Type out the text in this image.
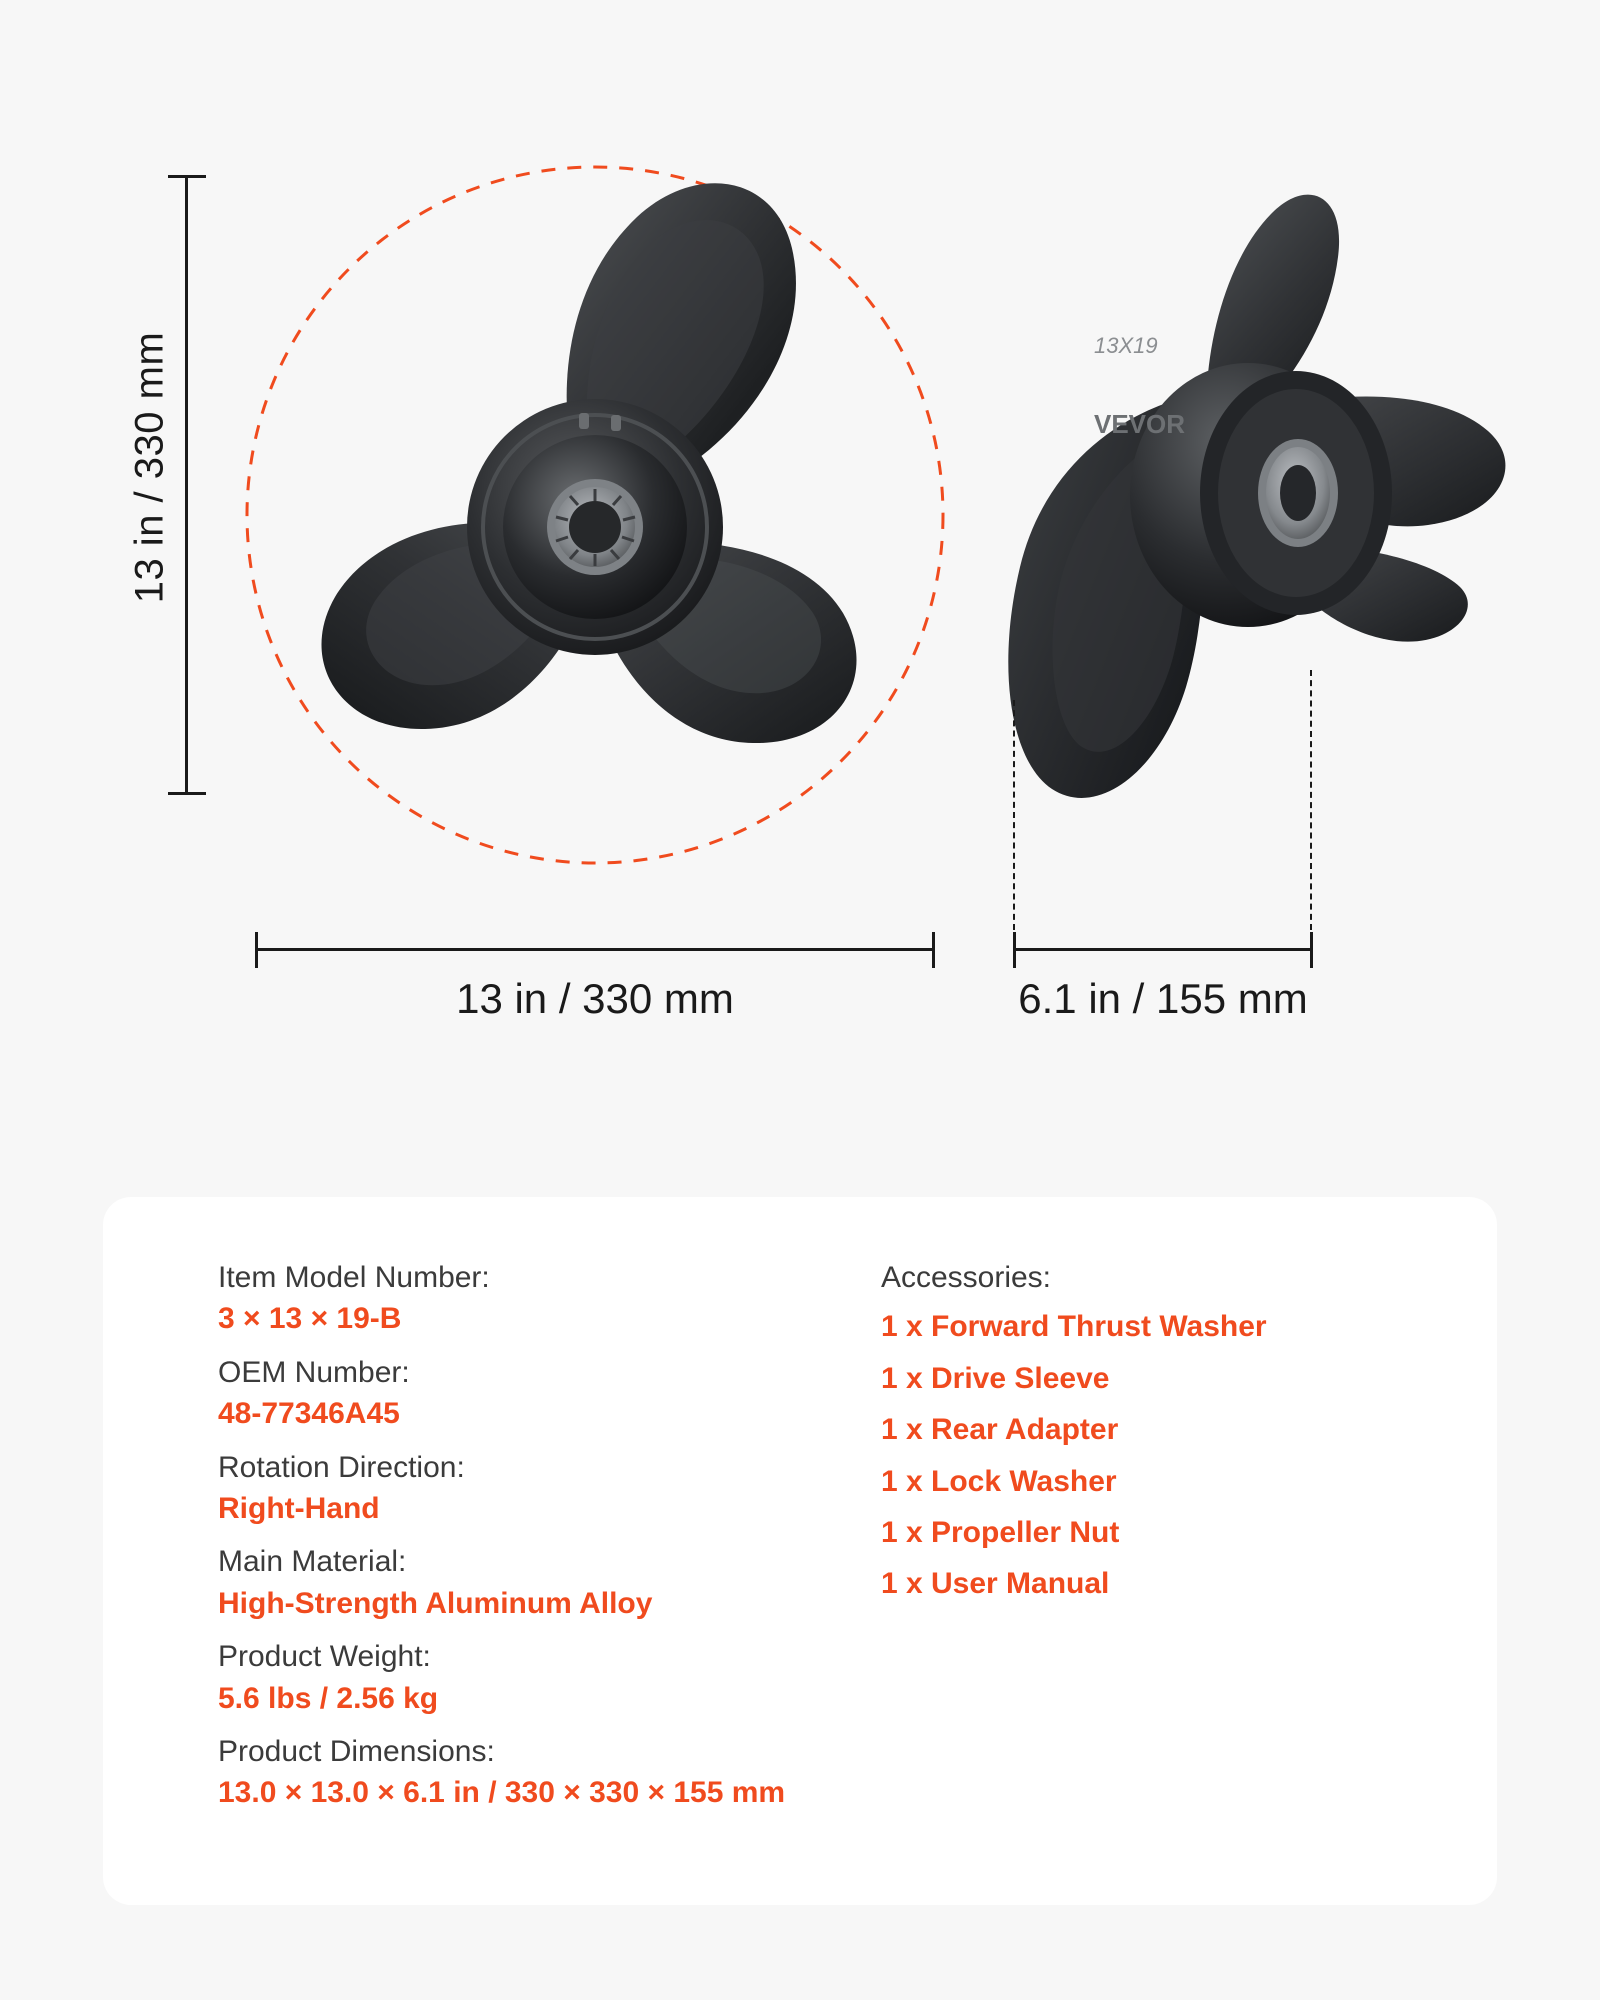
13 in / 330 mm	13X19
VEVOR
13 in / 330 mm	6.1 in / 155 mm

Item Model Number:

3 × 13 × 19-B

OEM Number:

48-77346A45

Rotation Direction:

Right-Hand

Main Material:

High-Strength Aluminum Alloy

Product Weight:

5.6 lbs / 2.56 kg

Product Dimensions:

13.0 × 13.0 × 6.1 in / 330 × 330 × 155 mm

Accessories:

1 x Forward Thrust Washer

1 x Drive Sleeve

1 x Rear Adapter

1 x Lock Washer

1 x Propeller Nut

1 x User Manual
